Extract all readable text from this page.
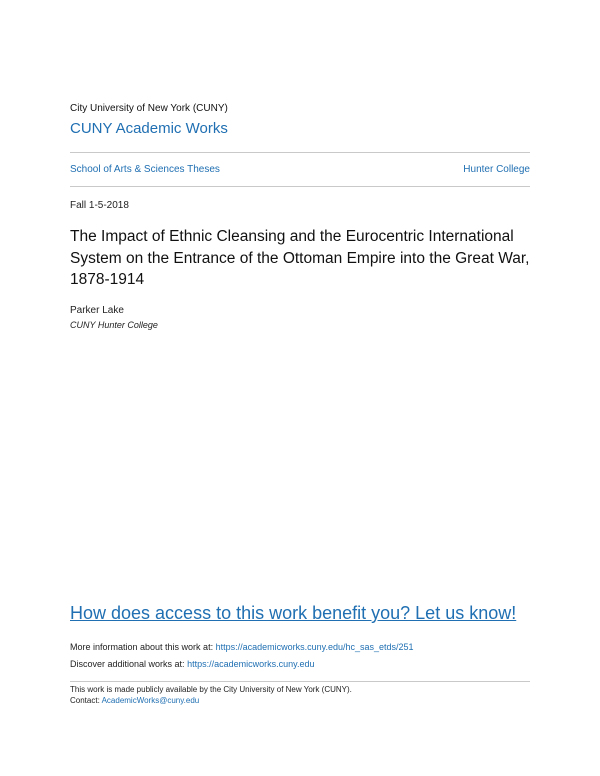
City University of New York (CUNY)
CUNY Academic Works
School of Arts & Sciences Theses	Hunter College
Fall 1-5-2018
The Impact of Ethnic Cleansing and the Eurocentric International System on the Entrance of the Ottoman Empire into the Great War, 1878-1914
Parker Lake
CUNY Hunter College
How does access to this work benefit you? Let us know!
More information about this work at: https://academicworks.cuny.edu/hc_sas_etds/251
Discover additional works at: https://academicworks.cuny.edu
This work is made publicly available by the City University of New York (CUNY).
Contact: AcademicWorks@cuny.edu
